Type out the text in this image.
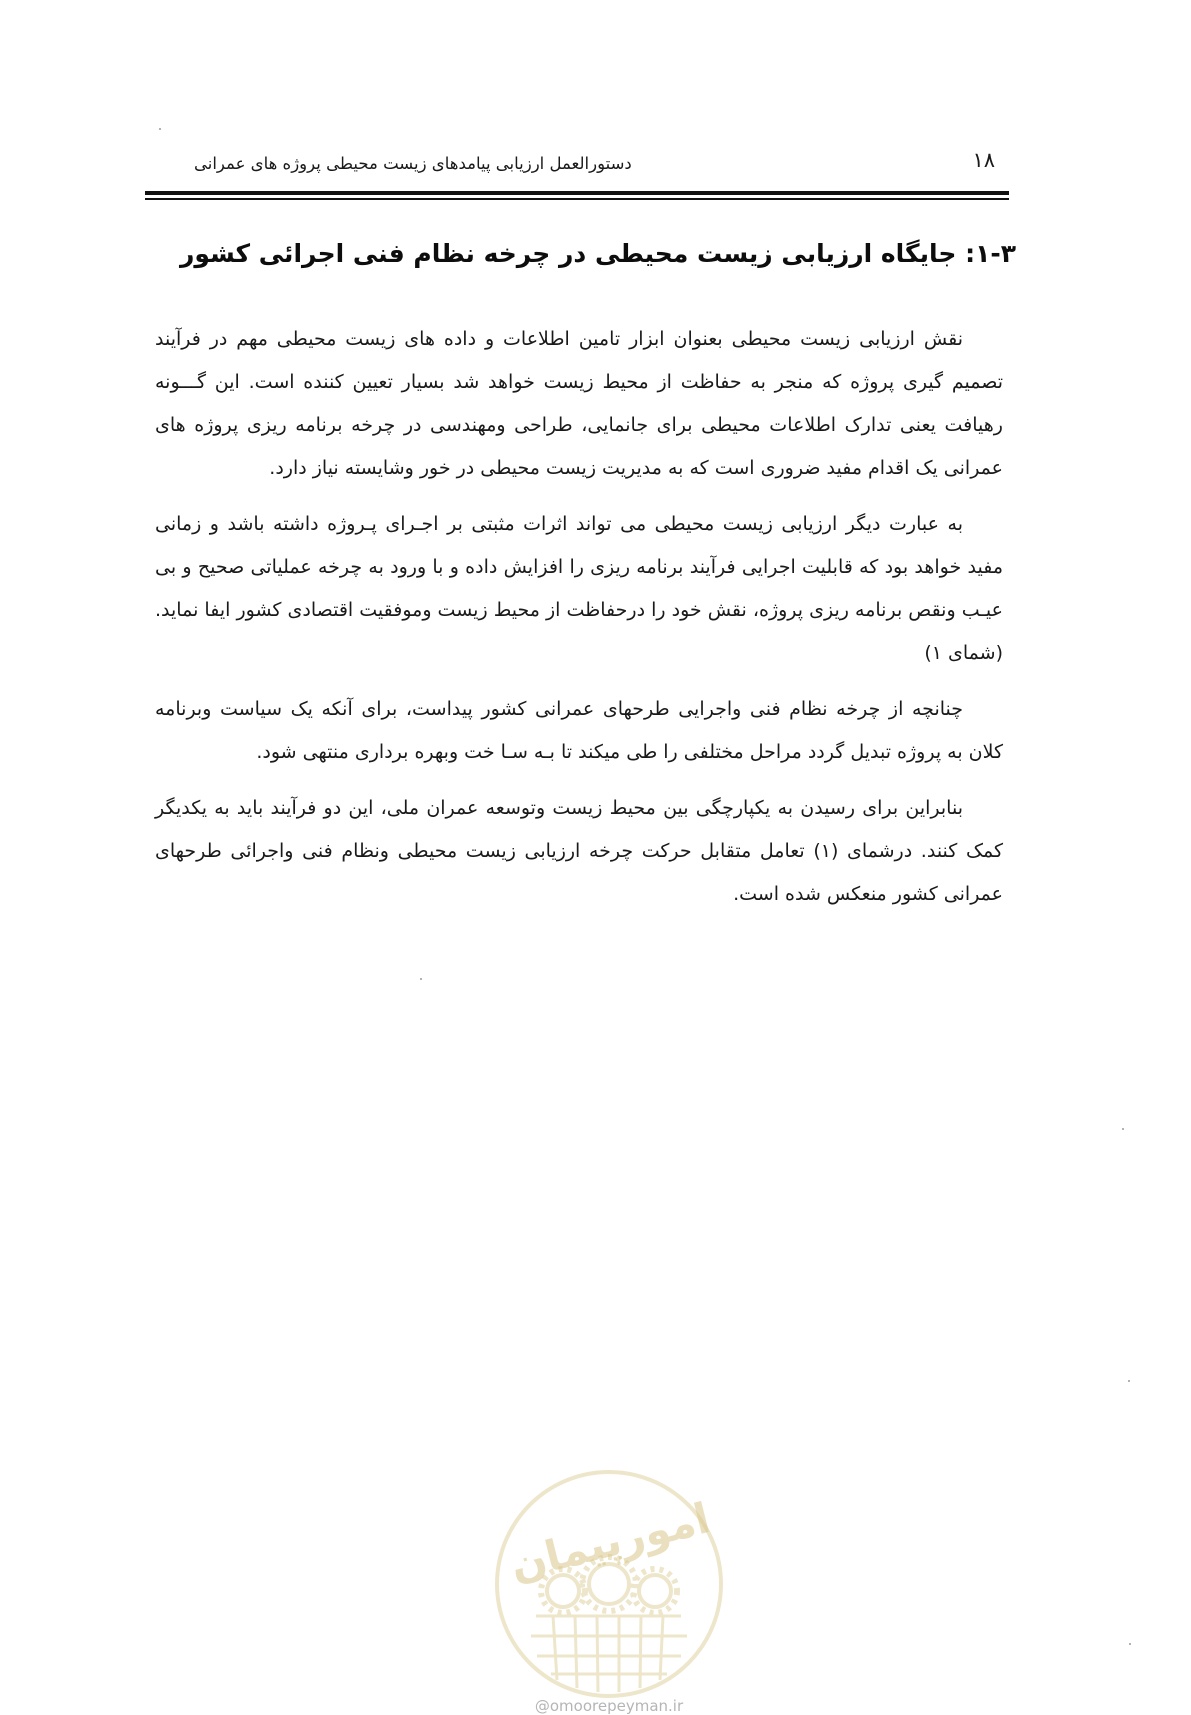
۱۸
دستورالعمل ارزیابی پیامدهای زیست محیطی پروژه های عمرانی
۱-۳: جایگاه ارزیابی زیست محیطی در چرخه نظام فنی اجرائی کشور

نقش ارزیابی زیست محیطی بعنوان ابزار تامین اطلاعات و داده های زیست محیطی مهم در فرآیند تصمیم گیری پروژه که منجر به حفاظت از محیط زیست خواهد شد بسیار تعیین کننده است. این گـــونه رهیافت یعنی تدارک اطلاعات محیطی برای جانمایی، طراحی ومهندسی در چرخه برنامه ریزی پروژه های عمرانی یک اقدام مفید ضروری است که به مدیریت زیست محیطی در خور وشایسته نیاز دارد.

به عبارت دیگر ارزیابی زیست محیطی می تواند اثرات مثبتی بر اجـرای پـروژه داشته باشد و زمانی مفید خواهد بود که قابلیت اجرایی فرآیند برنامه ریزی را افزایش داده و با ورود به چرخه عملیاتی صحیح و بی عیـب ونقص برنامه ریزی پروژه، نقش خود را درحفاظت از محیط زیست وموفقیت اقتصادی کشور ایفا نماید. (شمای ۱)

چنانچه از چرخه نظام فنی واجرایی طرحهای عمرانی کشور پیداست، برای آنکه یک سیاست وبرنامه کلان به پروژه تبدیل گردد مراحل مختلفی را طی میکند تا بـه سـا خت وبهره برداری منتهی شود.

بنابراین برای رسیدن به یکپارچگی بین محیط زیست وتوسعه عمران ملی، این دو فرآیند باید به یکدیگر کمک کنند. درشمای (۱) تعامل متقابل حرکت چرخه ارزیابی زیست محیطی ونظام فنی واجرائی طرحهای عمرانی کشور منعکس شده است.

امورپیمان
@omoorepeyman.ir
